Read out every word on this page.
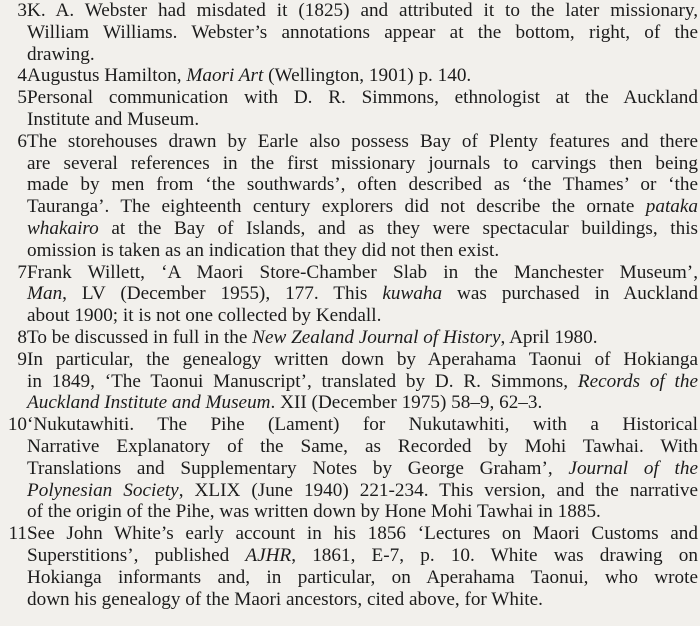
3 K. A. Webster had misdated it (1825) and attributed it to the later missionary,
William Williams. Webster’s annotations appear at the bottom, right, of the
drawing.
4 Augustus Hamilton, Maori Art (Wellington, 1901) p. 140.
5 Personal communication with D. R. Simmons, ethnologist at the Auckland
Institute and Museum.
6 The storehouses drawn by Earle also possess Bay of Plenty features and there
are several references in the first missionary journals to carvings then being
made by men from ‘the southwards’, often described as ‘the Thames’ or ‘the
Tauranga’. The eighteenth century explorers did not describe the ornate pataka
whakairo at the Bay of Islands, and as they were spectacular buildings, this
omission is taken as an indication that they did not then exist.
7 Frank Willett, ‘A Maori Store-Chamber Slab in the Manchester Museum’,
Man, LV (December 1955), 177. This kuwaha was purchased in Auckland
about 1900; it is not one collected by Kendall.
8 To be discussed in full in the New Zealand Journal of History, April 1980.
9 In particular, the genealogy written down by Aperahama Taonui of Hokianga
in 1849, ‘The Taonui Manuscript’, translated by D. R. Simmons, Records of the
Auckland Institute and Museum. XII (December 1975) 58–9, 62–3.
10 ‘Nukutawhiti. The Pihe (Lament) for Nukutawhiti, with a Historical
Narrative Explanatory of the Same, as Recorded by Mohi Tawhai. With
Translations and Supplementary Notes by George Graham’, Journal of the
Polynesian Society, XLIX (June 1940) 221-234. This version, and the narrative
of the origin of the Pihe, was written down by Hone Mohi Tawhai in 1885.
11 See John White’s early account in his 1856 ‘Lectures on Maori Customs and
Superstitions’, published AJHR, 1861, E-7, p. 10. White was drawing on
Hokianga informants and, in particular, on Aperahama Taonui, who wrote
down his genealogy of the Maori ancestors, cited above, for White.
